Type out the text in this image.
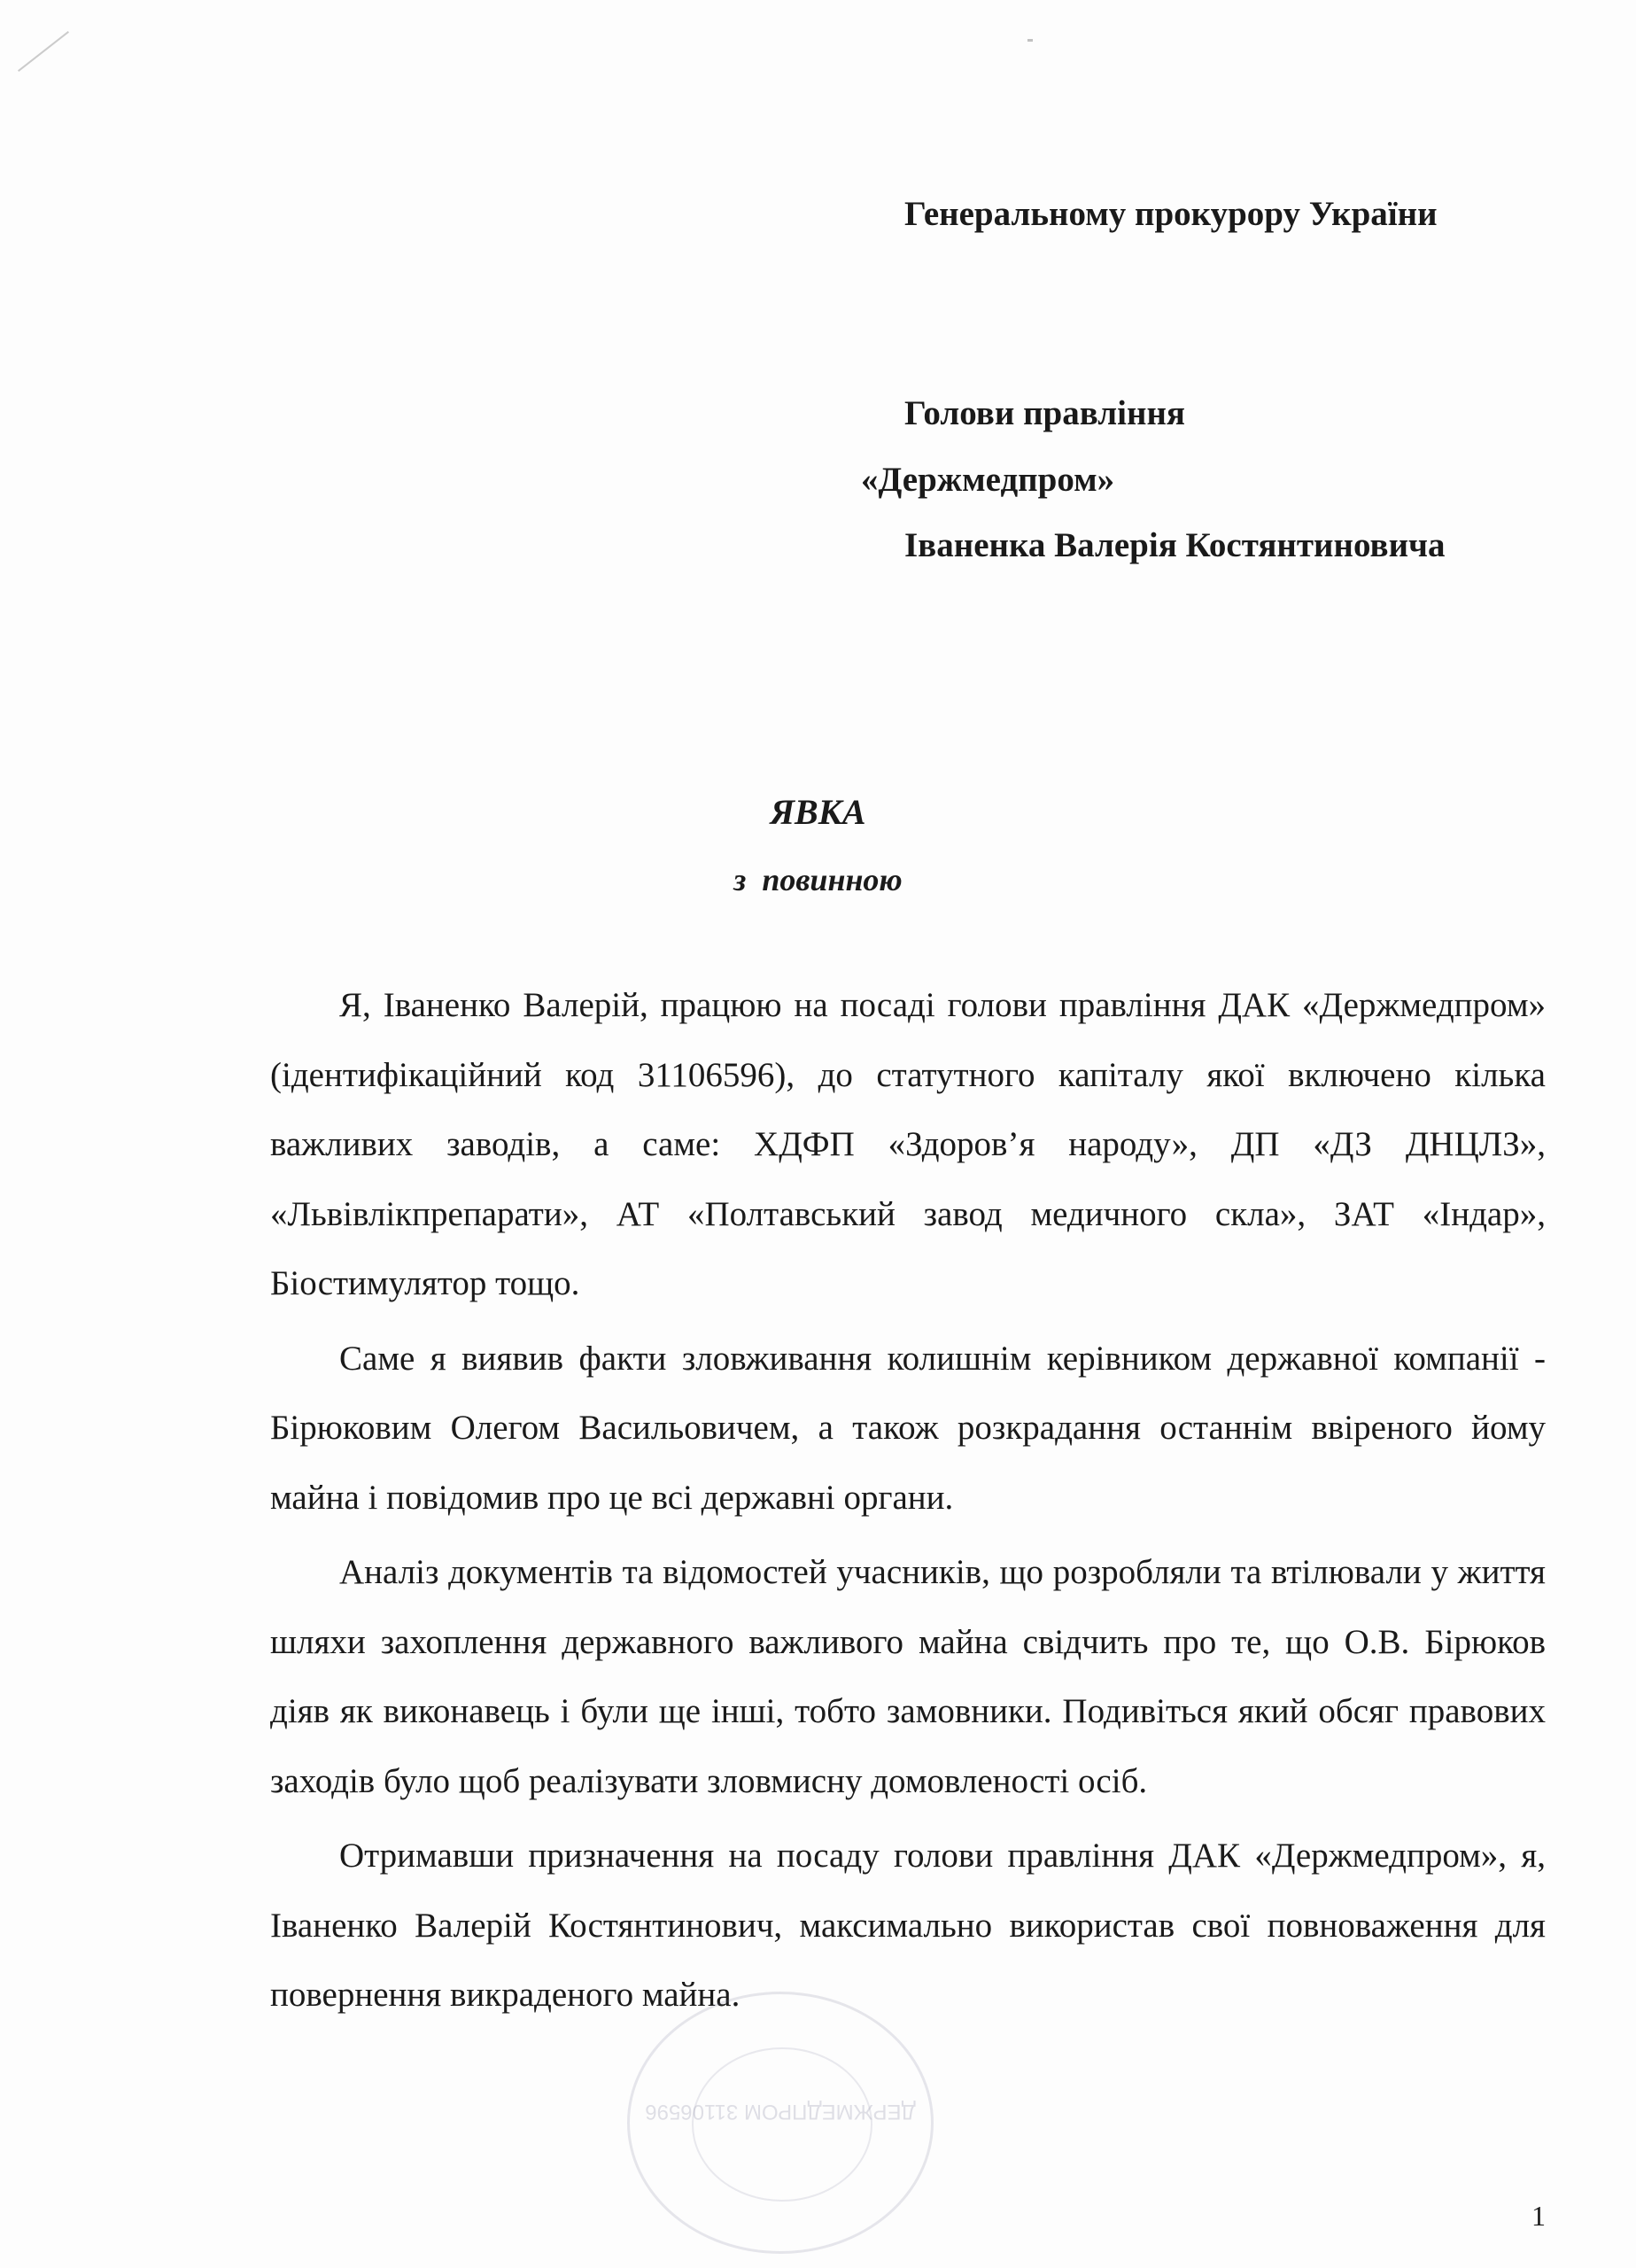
Генеральному прокурору України
Голови правління
«Держмедпром»
Іваненка Валерія Костянтиновича
ЯВКА
з  повинною

Я, Іваненко Валерій, працюю на посаді голови правління ДАК «Держмедпром» (ідентифікаційний код 31106596), до статутного капіталу якої включено кілька важливих заводів, а саме: ХДФП «Здоров’я народу», ДП «ДЗ ДНЦЛЗ», «Львівлікпрепарати», АТ «Полтавський завод медичного скла», ЗАТ «Індар», Біостимулятор тощо.

Саме я виявив факти зловживання колишнім керівником державної компанії - Бірюковим Олегом Васильовичем, а також розкрадання останнім ввіреного йому майна і повідомив про це всі державні органи.

Аналіз документів та відомостей учасників, що розробляли та втілювали у життя шляхи захоплення державного важливого майна свідчить про те, що О.В. Бірюков діяв як виконавець і були ще інші, тобто замовники. Подивіться який обсяг правових заходів було щоб реалізувати зловмисну домовленості осіб.

Отримавши призначення на посаду голови правління ДАК «Держмедпром», я, Іваненко Валерій Костянтинович, максимально використав свої повноваження для повернення викраденого майна.

ДЕРЖМЕДПРОМ 31106596
1
